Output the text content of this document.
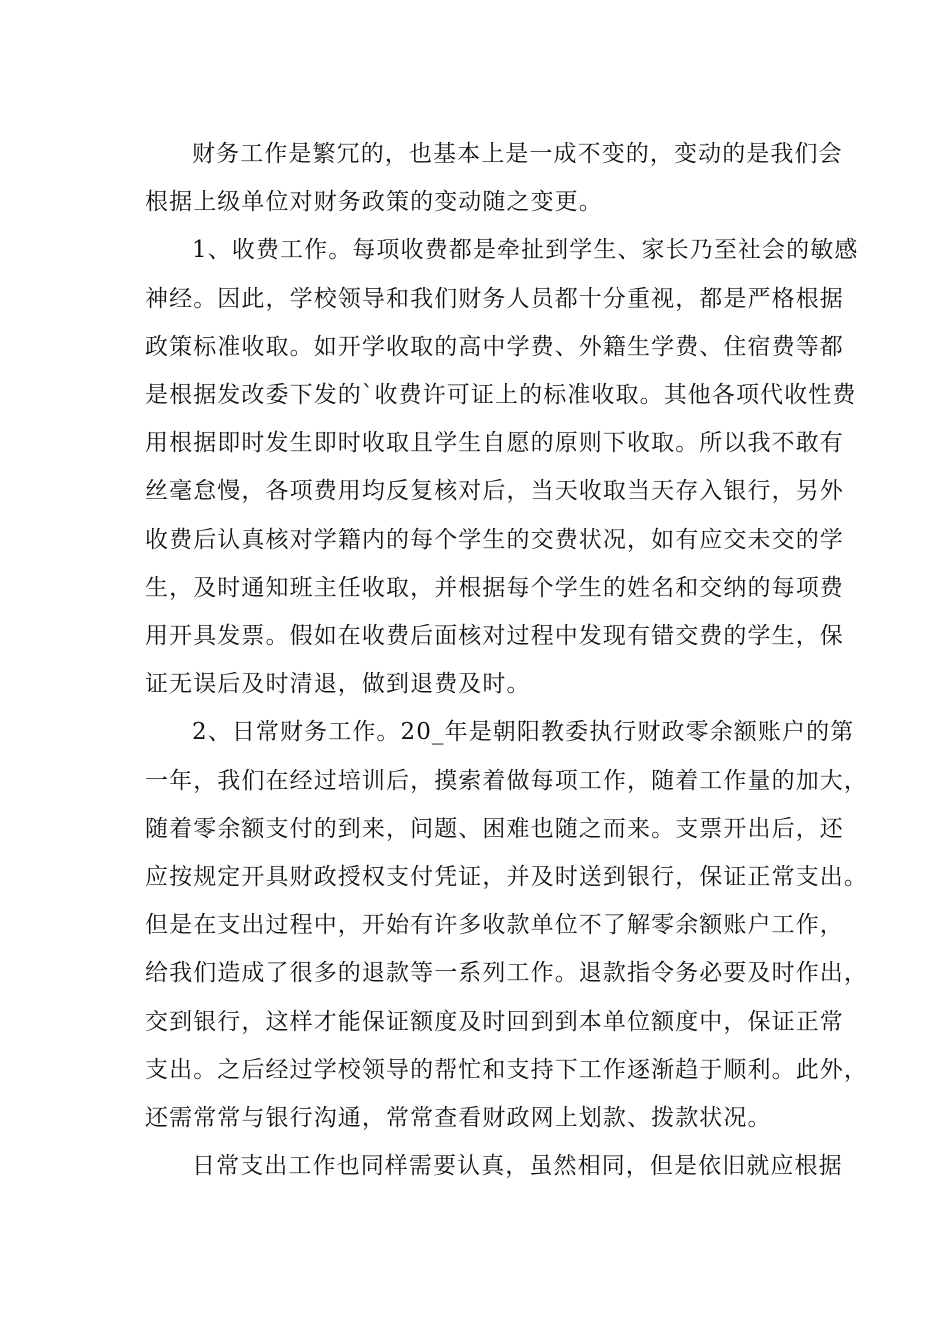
财务工作是繁冗的，也基本上是一成不变的，变动的是我们会
根据上级单位对财务政策的变动随之变更。
1、收费工作。每项收费都是牵扯到学生、家长乃至社会的敏感
神经。因此，学校领导和我们财务人员都十分重视，都是严格根据
政策标准收取。如开学收取的高中学费、外籍生学费、住宿费等都
是根据发改委下发的`收费许可证上的标准收取。其他各项代收性费
用根据即时发生即时收取且学生自愿的原则下收取。所以我不敢有
丝毫怠慢，各项费用均反复核对后，当天收取当天存入银行，另外
收费后认真核对学籍内的每个学生的交费状况，如有应交未交的学
生，及时通知班主任收取，并根据每个学生的姓名和交纳的每项费
用开具发票。假如在收费后面核对过程中发现有错交费的学生，保
证无误后及时清退，做到退费及时。
2、日常财务工作。20_年是朝阳教委执行财政零余额账户的第
一年，我们在经过培训后，摸索着做每项工作，随着工作量的加大，
随着零余额支付的到来，问题、困难也随之而来。支票开出后，还
应按规定开具财政授权支付凭证，并及时送到银行，保证正常支出。
但是在支出过程中，开始有许多收款单位不了解零余额账户工作，
给我们造成了很多的退款等一系列工作。退款指令务必要及时作出，
交到银行，这样才能保证额度及时回到到本单位额度中，保证正常
支出。之后经过学校领导的帮忙和支持下工作逐渐趋于顺利。此外，
还需常常与银行沟通，常常查看财政网上划款、拨款状况。
日常支出工作也同样需要认真，虽然相同，但是依旧就应根据
